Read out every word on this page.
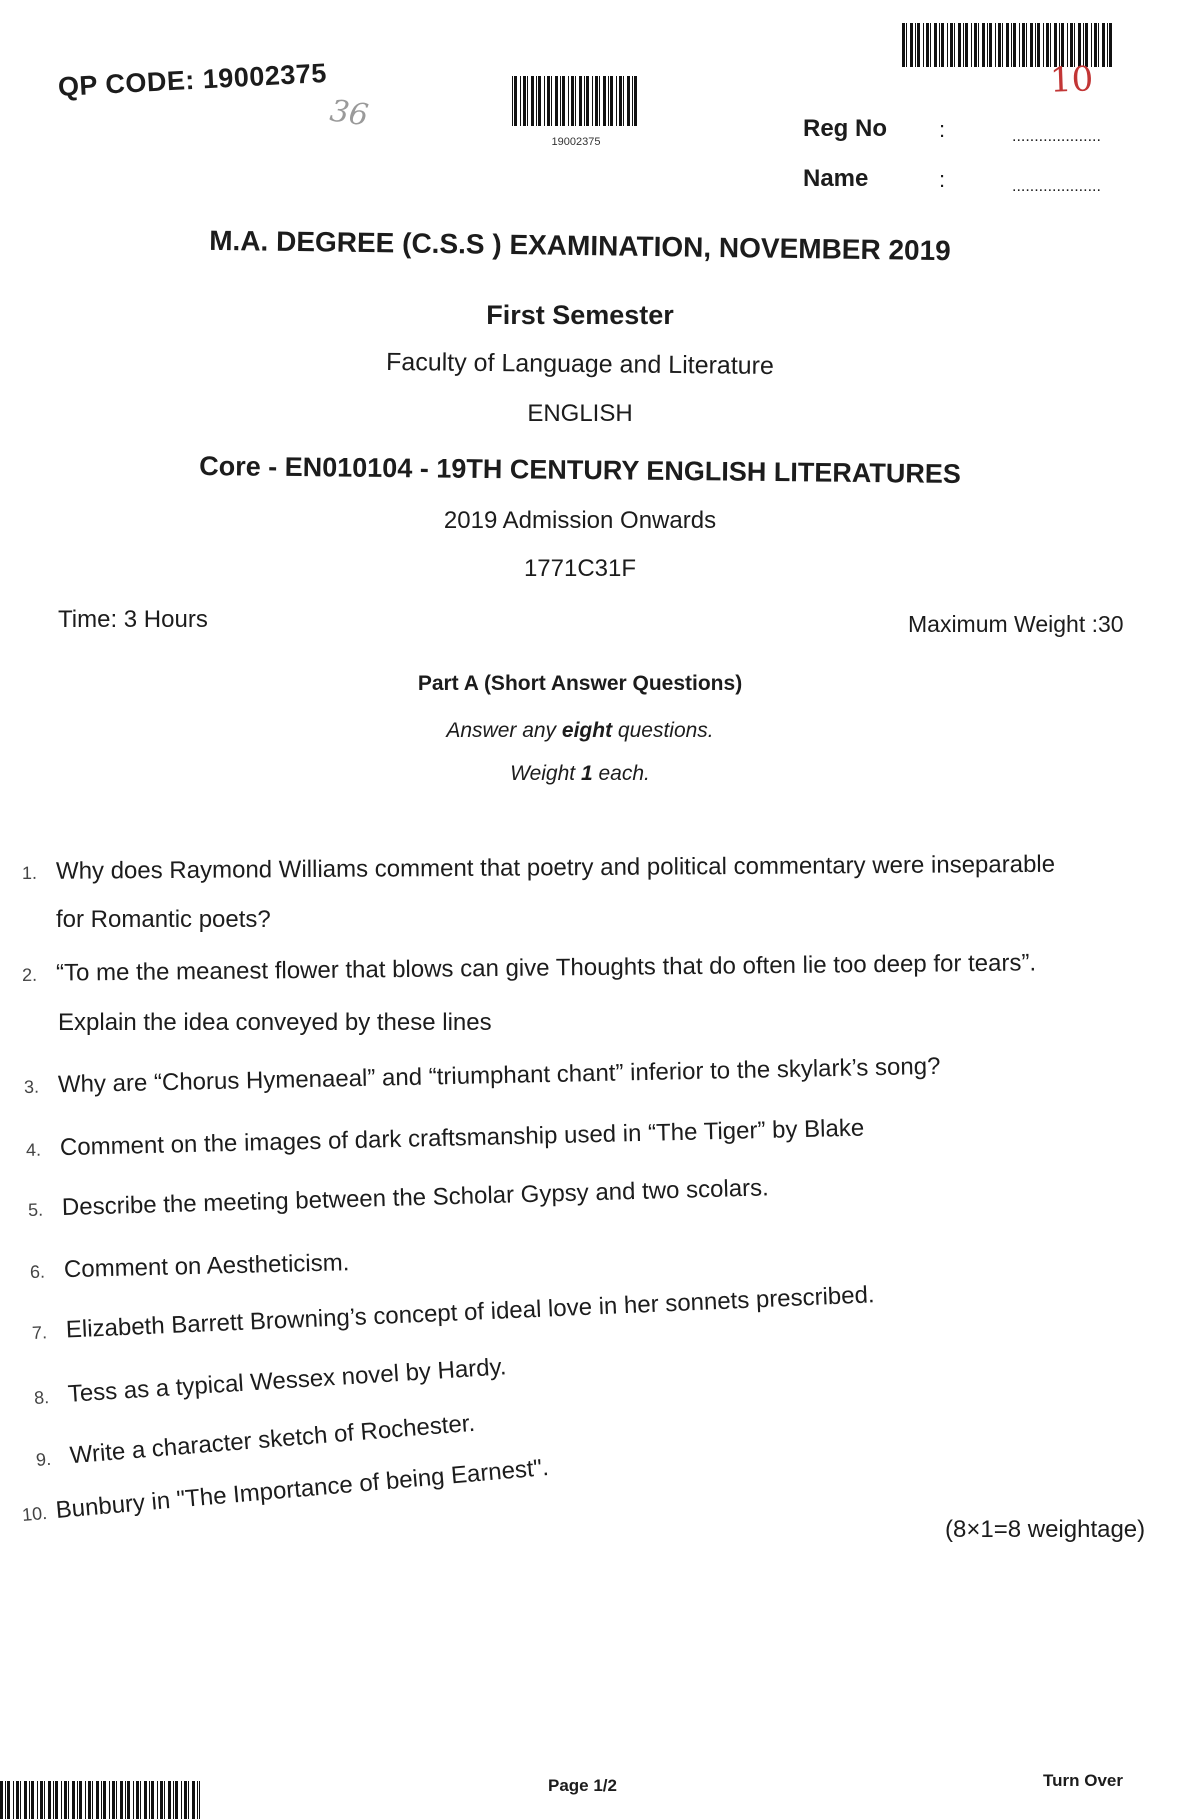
QP CODE: 19002375
36
19002375
10
Reg No :	....................
Name	:	....................
M.A. DEGREE (C.S.S ) EXAMINATION, NOVEMBER 2019
First Semester
Faculty of Language and Literature
ENGLISH
Core - EN010104 - 19TH CENTURY ENGLISH LITERATURES
2019 Admission Onwards
1771C31F
Time: 3 Hours	Maximum Weight :30
Part A (Short Answer Questions)
Answer any eight questions.
Weight 1 each.
1. Why does Raymond Williams comment that poetry and political commentary were inseparable
for Romantic poets?
2. “To me the meanest flower that blows can give Thoughts that do often lie too deep for tears”.
Explain the idea conveyed by these lines
3. Why are “Chorus Hymenaeal” and “triumphant chant” inferior to the skylark’s song?
4. Comment on the images of dark craftsmanship used in “The Tiger” by Blake
5. Describe the meeting between the Scholar Gypsy and two scolars.
6. Comment on Aestheticism.
7. Elizabeth Barrett Browning’s concept of ideal love in her sonnets prescribed.
8. Tess as a typical Wessex novel by Hardy.
9. Write a character sketch of Rochester.
10. Bunbury in "The Importance of being Earnest".
(8×1=8 weightage)
Page 1/2	Turn Over
